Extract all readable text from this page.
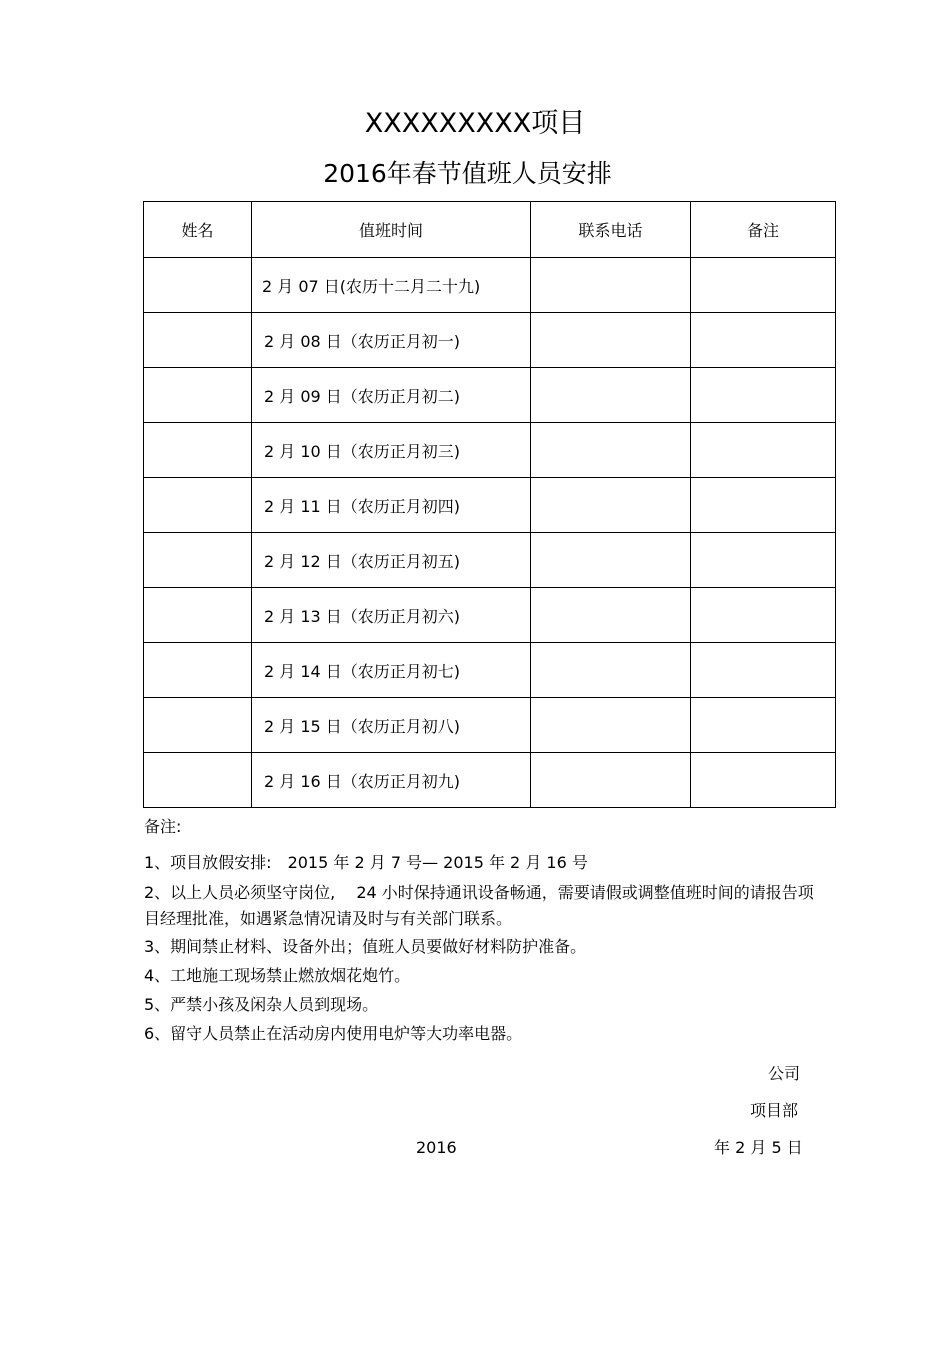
XXXXXXXXX项目
2016年春节值班人员安排
姓名	值班时间	联系电话	备注
	2 月 07 日(农历十二月二十九)		
	2 月 08 日（农历正月初一)		
	2 月 09 日（农历正月初二)		
	2 月 10 日（农历正月初三)		
	2 月 11 日（农历正月初四)		
	2 月 12 日（农历正月初五)		
	2 月 13 日（农历正月初六)		
	2 月 14 日（农历正月初七)		
	2 月 15 日（农历正月初八)		
	2 月 16 日（农历正月初九)		
备注:
1、项目放假安排:　2015 年 2 月 7 号— 2015 年 2 月 16 号
2、以上人员必须坚守岗位,　 24 小时保持通讯设备畅通，需要请假或调整值班时间的请报告项目经理批准，如遇紧急情况请及时与有关部门联系。
3、期间禁止材料、设备外出；值班人员要做好材料防护准备。
4、工地施工现场禁止燃放烟花炮竹。
5、严禁小孩及闲杂人员到现场。
6、留守人员禁止在活动房内使用电炉等大功率电器。
公司
项目部
2016	年 2 月 5 日
